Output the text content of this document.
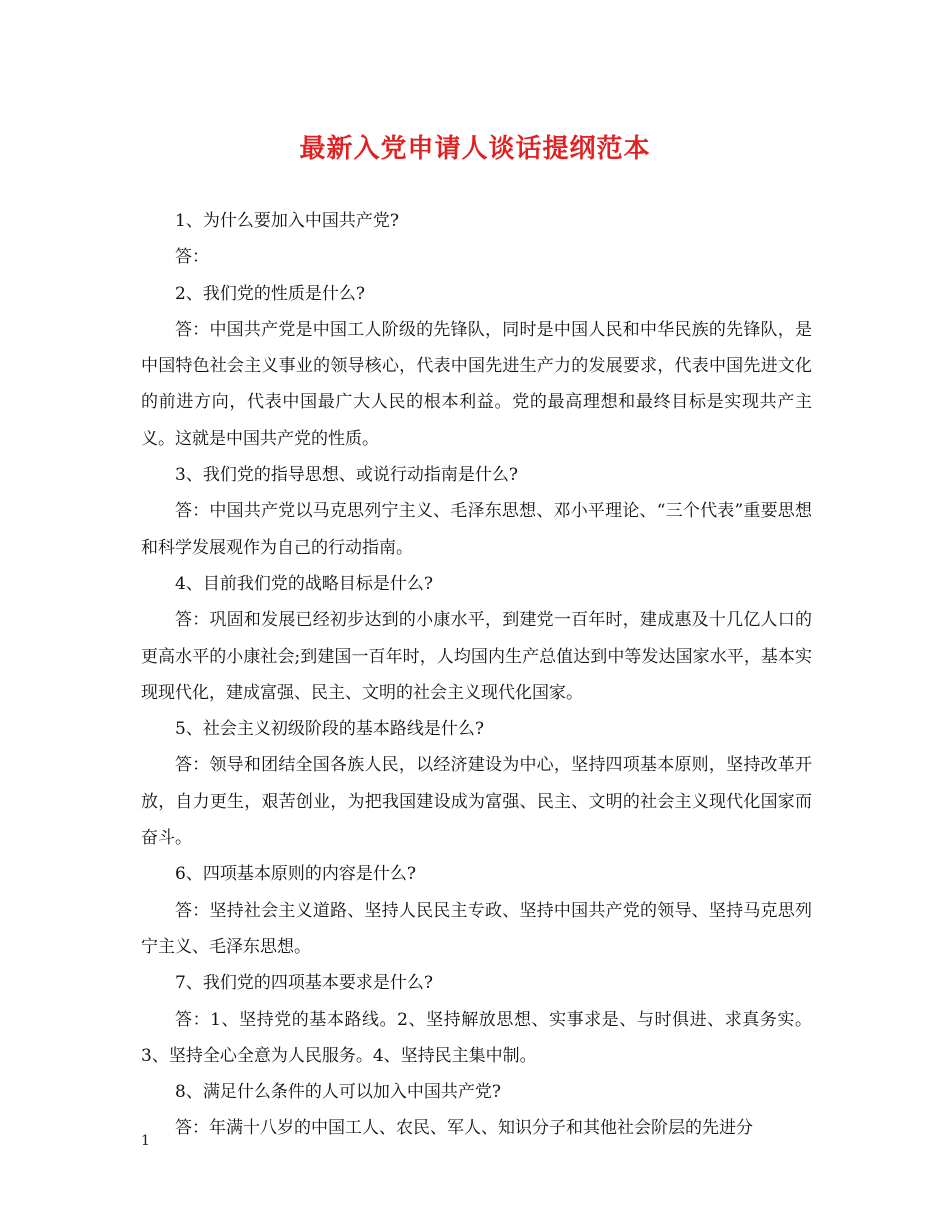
最新入党申请人谈话提纲范本

1、为什么要加入中国共产党?

答：

2、我们党的性质是什么?

答：中国共产党是中国工人阶级的先锋队，同时是中国人民和中华民族的先锋队，是中国特色社会主义事业的领导核心，代表中国先进生产力的发展要求，代表中国先进文化的前进方向，代表中国最广大人民的根本利益。党的最高理想和最终目标是实现共产主义。这就是中国共产党的性质。

3、我们党的指导思想、或说行动指南是什么?

答：中国共产党以马克思列宁主义、毛泽东思想、邓小平理论、“三个代表”重要思想和科学发展观作为自己的行动指南。

4、目前我们党的战略目标是什么?

答：巩固和发展已经初步达到的小康水平，到建党一百年时，建成惠及十几亿人口的更高水平的小康社会;到建国一百年时，人均国内生产总值达到中等发达国家水平，基本实现现代化，建成富强、民主、文明的社会主义现代化国家。

5、社会主义初级阶段的基本路线是什么?

答：领导和团结全国各族人民，以经济建设为中心，坚持四项基本原则，坚持改革开放，自力更生，艰苦创业，为把我国建设成为富强、民主、文明的社会主义现代化国家而奋斗。

6、四项基本原则的内容是什么?

答：坚持社会主义道路、坚持人民民主专政、坚持中国共产党的领导、坚持马克思列宁主义、毛泽东思想。

7、我们党的四项基本要求是什么?

答：1、坚持党的基本路线。2、坚持解放思想、实事求是、与时俱进、求真务实。3、坚持全心全意为人民服务。4、坚持民主集中制。

8、满足什么条件的人可以加入中国共产党?

答：年满十八岁的中国工人、农民、军人、知识分子和其他社会阶层的先进分

1
